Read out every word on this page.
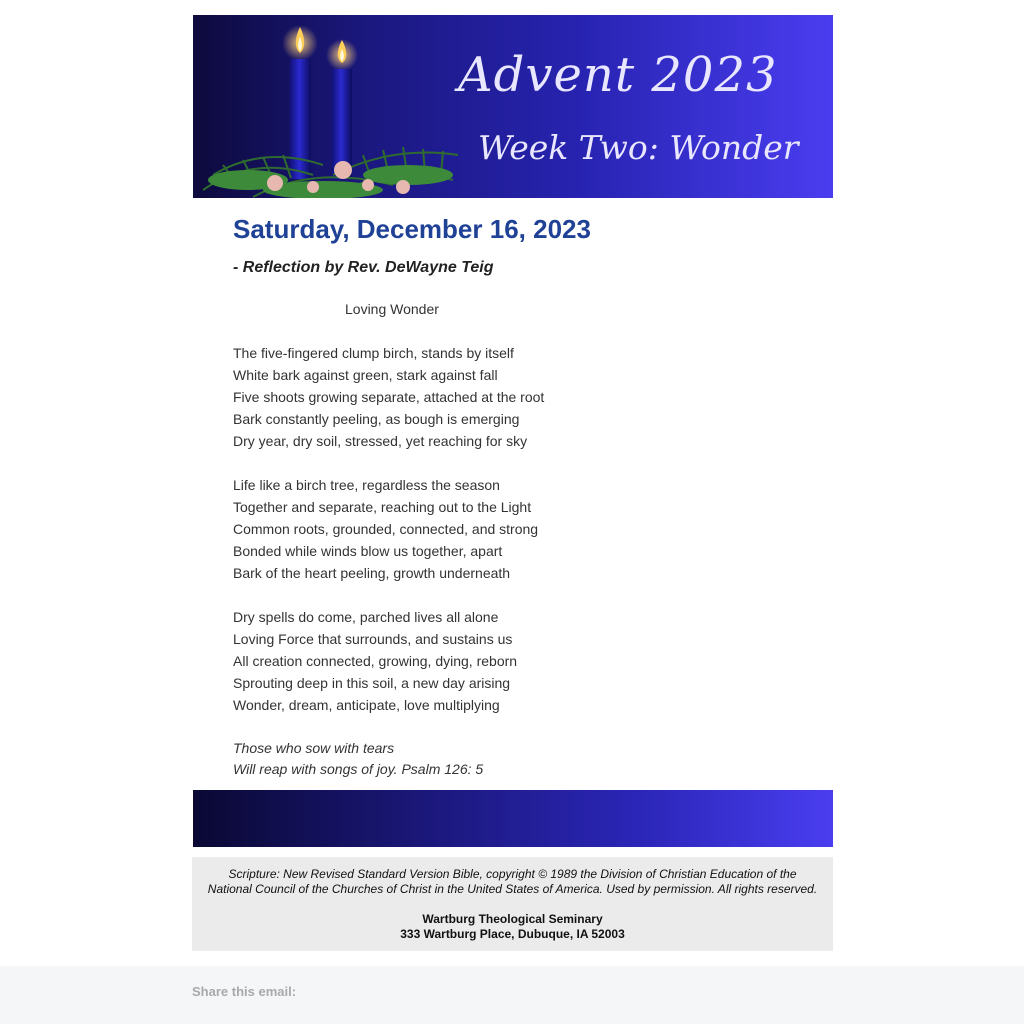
Advent 2023
Week Two: Wonder
Saturday, December 16, 2023
- Reflection by Rev. DeWayne Teig
Loving Wonder
The five-fingered clump birch, stands by itself
White bark against green, stark against fall
Five shoots growing separate, attached at the root
Bark constantly peeling, as bough is emerging
Dry year, dry soil, stressed, yet reaching for sky
Life like a birch tree, regardless the season
Together and separate, reaching out to the Light
Common roots, grounded, connected, and strong
Bonded while winds blow us together, apart
Bark of the heart peeling, growth underneath
Dry spells do come, parched lives all alone
Loving Force that surrounds, and sustains us
All creation connected, growing, dying, reborn
Sprouting deep in this soil, a new day arising
Wonder, dream, anticipate, love multiplying
Those who sow with tears
Will reap with songs of joy. Psalm 126: 5
Scripture: New Revised Standard Version Bible, copyright © 1989 the Division of Christian Education of the
National Council of the Churches of Christ in the United States of America. Used by permission. All rights reserved.
Wartburg Theological Seminary
333 Wartburg Place, Dubuque, IA 52003
Share this email:
